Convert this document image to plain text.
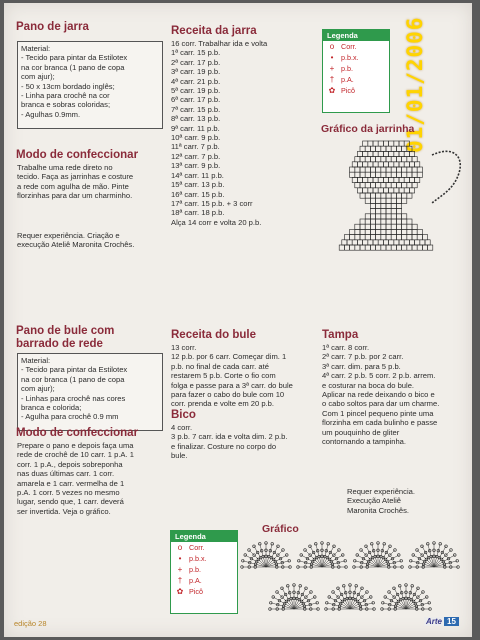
Pano de jarra
Material:
- Tecido para pintar da Estilotex
na cor branca (1 pano de copa
com ajur);
- 50 x 13cm bordado inglês;
- Linha para crochê na cor
branca e sobras coloridas;
- Agulhas 0.9mm.
Modo de confeccionar
Trabalhe uma rede direto no
tecido. Faça as jarrinhas e costure
a rede com agulha de mão. Pinte
florzinhas para dar um charminho.
Requer experiência. Criação e
execução Ateliê Maronita Crochês.
Receita da jarra
16 corr. Trabalhar ida e volta
1ª carr. 15 p.b.
2ª carr. 17 p.b.
3ª carr. 19 p.b.
4ª carr. 21 p.b.
5ª carr. 19 p.b.
6ª carr. 17 p.b.
7ª carr. 15 p.b.
8ª carr. 13 p.b.
9ª carr. 11 p.b.
10ª carr. 9 p.b.
11ª carr. 7 p.b.
12ª carr. 7 p.b.
13ª carr. 9 p.b.
14ª carr. 11 p.b.
15ª carr. 13 p.b.
16ª carr. 15 p.b.
17ª carr. 15 p.b. + 3 corr
18ª carr. 18 p.b.
Alça 14 corr e volta 20 p.b.
Legenda
o Corr.
•	p.b.x.
+ p.b.
† p.A.
✿ Picô 01/01/2006
Gráfico da jarrinha
Pano de bule com
barrado de rede
Material:
- Tecido para pintar da Estilotex
na cor branca (1 pano de copa
com ajur);
- Linhas para crochê nas cores
branca e colorida;
- Agulha para crochê 0.9 mm
Modo de confeccionar
Prepare o pano e depois faça uma
rede de crochê de 10 carr. 1 p.A. 1
corr. 1 p.A., depois sobreponha
nas duas últimas carr. 1 corr.
amarela e 1 carr. vermelha de 1
p.A. 1 corr. 5 vezes no mesmo
lugar, sendo que, 1 carr. deverá
ser invertida. Veja o gráfico.
Legenda
o Corr.
•	p.b.x.
+ p.b.
† p.A.
✿ Picô
Receita do bule
13 corr.
12 p.b. por 6 carr. Começar dim. 1
p.b. no final de cada carr. até
restarem 5 p.b. Corte o fio com
folga e passe para a 3ª carr. do bule
para fazer o cabo do bule com 10
corr. prenda e volte em 20 p.b.
Bico
4 corr.
3 p.b. 7 carr. ida e volta dim. 2 p.b.
e finalizar. Costure no corpo do
bule.
Tampa
1ª carr. 8 corr.
2ª carr. 7 p.b. por 2 carr.
3ª carr. dim. para 5 p.b.
4ª carr. 2 p.b. 5 corr. 2 p.b. arrem.
e costurar na boca do bule.
Aplicar na rede deixando o bico e
o cabo soltos para dar um charme.
Com 1 pincel pequeno pinte uma
florzinha em cada bulinho e passe
um pouquinho de gliter
contornando a tampinha.
Requer experiência.
Execução Ateliê
Maronita Crochês.
Gráfico
edição 28	Arte 15
